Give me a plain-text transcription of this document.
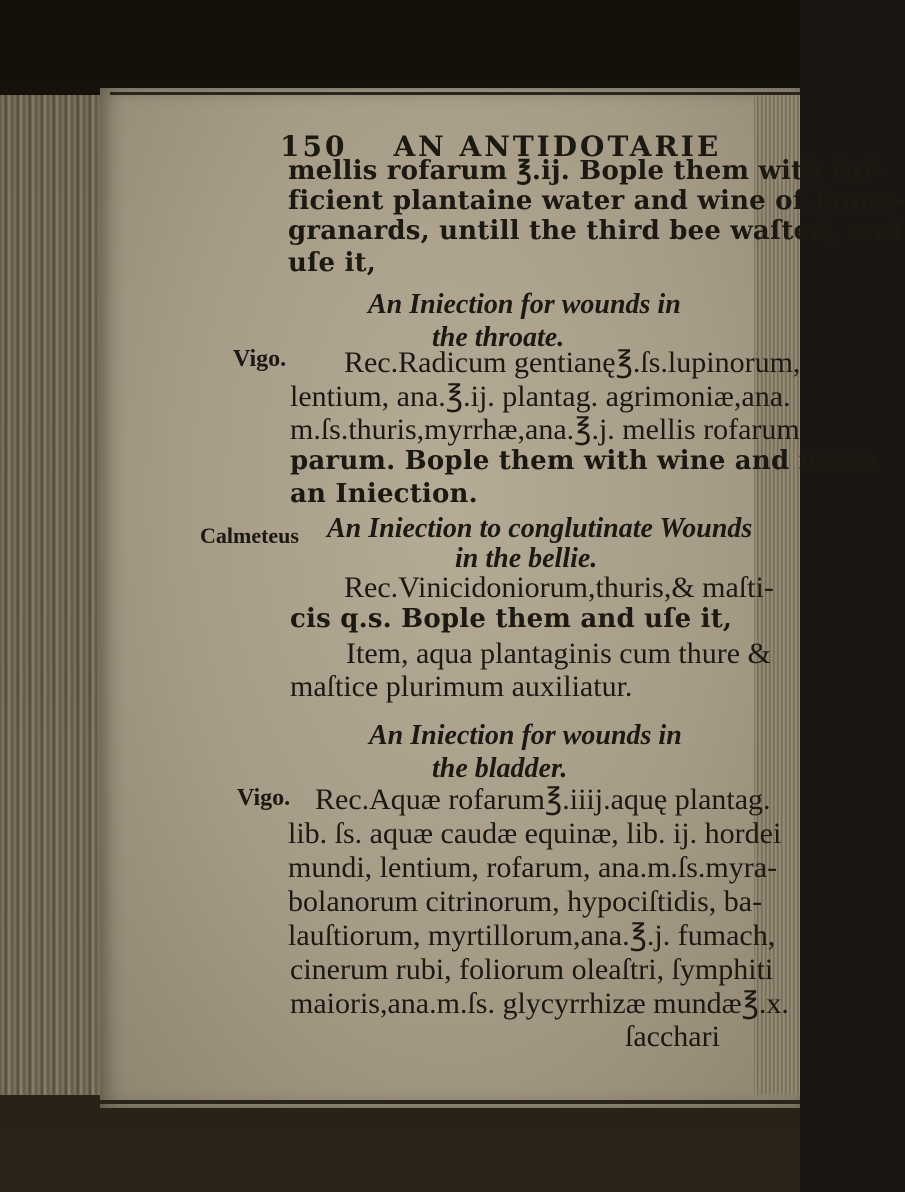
150 AN ANTIDOTARIE
Vigo.
Calmeteus
Vigo.
mellis rofarum ℥.ij. Bople them with ſuf-
ficient plantaine water and wine of Pome-
granards, untill the third bee waſted, and
uſe it,
An Iniection for wounds in
the throate.
Rec.Radicum gentianę℥.ſs.lupinorum,
lentium, ana.℥.ij. plantag. agrimoniæ,ana.
m.ſs.thuris,myrrhæ,ana.℥.j. mellis rofarum
parum. Bople them with wine and make
an Iniection.
An Iniection to conglutinate Wounds
in the bellie.
Rec.Vinicidoniorum,thuris,& maſti-
cis q.s. Bople them and uſe it,
Item, aqua plantaginis cum thure &
maſtice plurimum auxiliatur.
An Iniection for wounds in
the bladder.
Rec.Aquæ rofarum℥.iiij.aquę plantag.
lib. ſs. aquæ caudæ equinæ, lib. ij. hordei
mundi, lentium, rofarum, ana.m.ſs.myra-
bolanorum citrinorum, hypociſtidis, ba-
lauſtiorum, myrtillorum,ana.℥.j. fumach,
cinerum rubi, foliorum oleaſtri, ſymphiti
maioris,ana.m.ſs. glycyrrhizæ mundæ℥.x.
ſacchari
